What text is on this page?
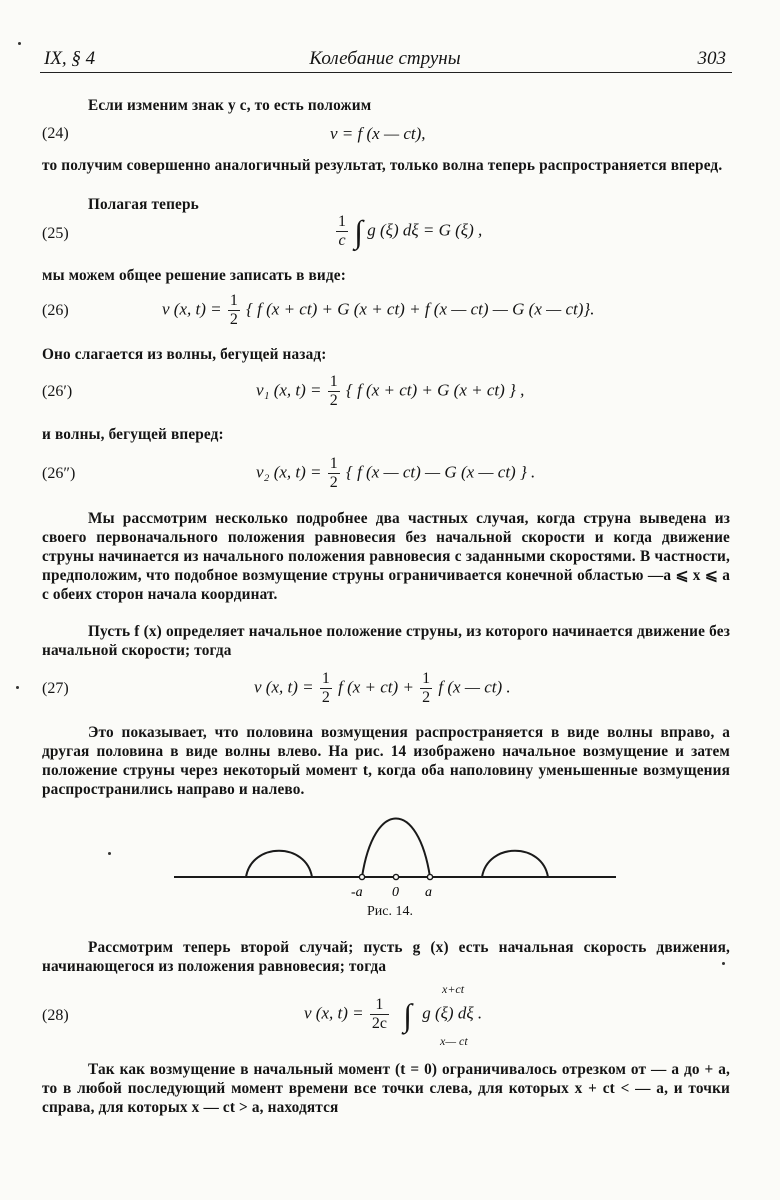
IX, § 4	Колебание струны	303
Если изменим знак у c, то есть положим
(24)	v = f (x — ct),
то получим совершенно аналогичный результат, только волна теперь распространяется вперед.
Полагая теперь
(25)	$\frac{1}{c}$ ∫ g (ξ) dξ = G (ξ) ,
мы можем общее решение записать в виде:
(26)	v (x, $t) = \frac{1}{2}$ { f (x + ct) + G (x + ct) + f (x — ct) — G (x — ct)}.
Оно слагается из волны, бегущей назад:
(26′)	v₁ (x, $t) = \frac{1}{2}$ { f (x + ct) + G (x + ct) } ,
и волны, бегущей вперед:
(26″)	v₂ (x, $t) = \frac{1}{2}$ { f (x — ct) — G (x — ct) } .
Мы рассмотрим несколько подробнее два частных случая, когда струна выведена из своего первоначального положения равновесия без начальной скорости и когда движение струны начинается из начального положения равновесия с заданными скоростями. В частности, предположим, что подобное возмущение струны ограничивается конечной областью —a ⩽ x ⩽ a с обеих сторон начала координат.
Пусть f (x) определяет начальное положение струны, из которого начинается движение без начальной скорости; тогда
(27)	v (x, $t) = \frac{1}{2}$ f $(x + ct) + \frac{1}{2}$ f (x — ct) .
Это показывает, что половина возмущения распространяется в виде волны вправо, а другая половина в виде волны влево. На рис. 14 изображено начальное возмущение и затем положение струны через некоторый момент t, когда оба наполовину уменьшенные возмущения распространились направо и налево.
-a 0 a
Рис. 14.
Рассмотрим теперь второй случай; пусть g (x) есть начальная скорость движения, начинающегося из положения равновесия; тогда
(28)	v (x, $t) = \frac{1}{2c}$ ∫ g (ξ) dξ .
x+ct
x— ct
Так как возмущение в начальный момент (t = 0) ограничивалось отрезком от — a до + a, то в любой последующий момент времени все точки слева, для которых x + ct < — a, и точки справа, для которых x — ct > a, находятся
